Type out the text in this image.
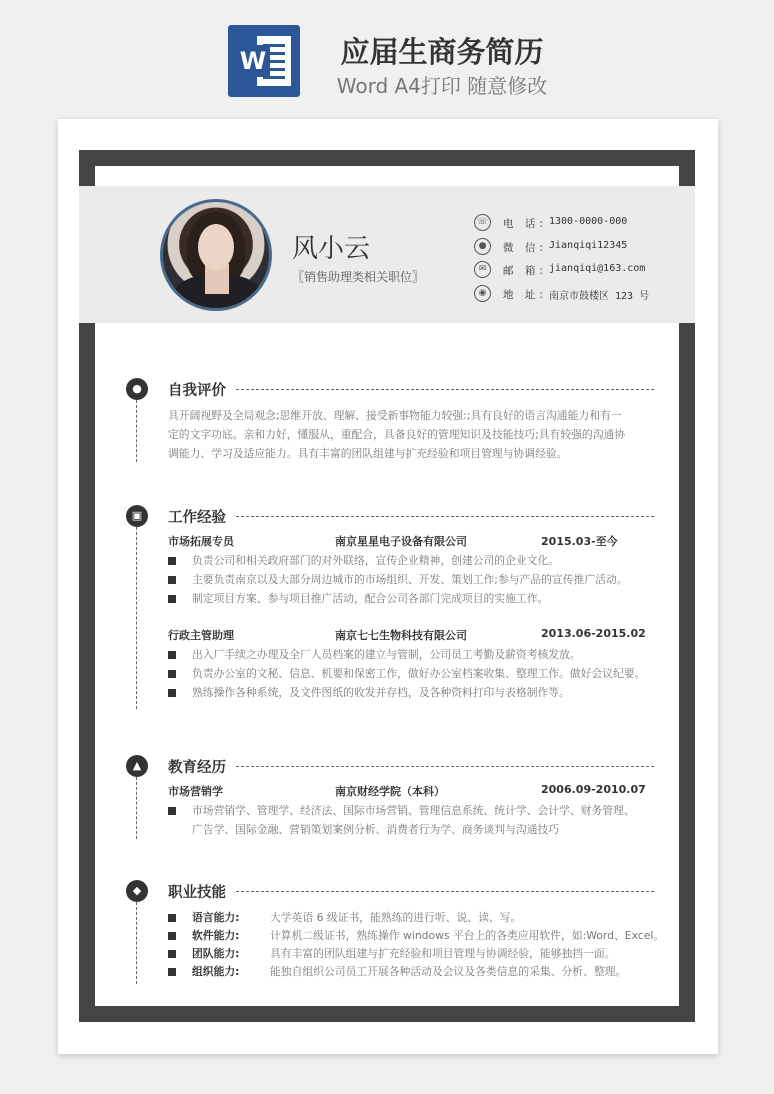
W	应届生商务简历
Word A4打印 随意修改
风小云
〖销售助理类相关职位〗
☏ 电 话: 1300-0000-000
●	微 信: Jianqiqi12345
✉	邮 箱: jianqiqi@163.com
◉	地 址: 南京市鼓楼区 123 号
●	自我评价
具开阔视野及全局观念;思维开放、理解、接受新事物能力较强:;具有良好的语言沟通能力和有一
定的文字功底。亲和力好，懂服从，重配合，具备良好的管理知识及技能技巧;具有较强的沟通协
调能力、学习及适应能力。具有丰富的团队组建与扩充经验和项目管理与协调经验。
▣	工作经验
市场拓展专员	南京星星电子设备有限公司	2015.03-至今
负责公司和相关政府部门的对外联络，宣传企业精神，创建公司的企业文化。
主要负责南京以及大部分周边城市的市场组织、开发、策划工作;参与产品的宣传推广活动。
制定项目方案、参与项目推广活动，配合公司各部门完成项目的实施工作。
行政主管助理	南京七七生物科技有限公司	2013.06-2015.02
出入厂手续之办理及全厂人员档案的建立与管制，公司员工考勤及薪资考核发放。
负责办公室的文秘、信息、机要和保密工作，做好办公室档案收集、整理工作。做好会议纪要。
熟练操作各种系统，及文件图纸的收发并存档，及各种资料打印与表格制作等。
▲	教育经历
市场营销学	南京财经学院（本科）	2006.09-2010.07
市场营销学、管理学、经济法、国际市场营销、管理信息系统、统计学、会计学、财务管理、
广告学、国际金融、营销策划案例分析、消费者行为学、商务谈判与沟通技巧
◆	职业技能
语言能力:	大学英语 6 级证书，能熟练的进行听、说、读、写。
软件能力:	计算机二级证书，熟练操作 windows 平台上的各类应用软件，如:Word、Excel。
团队能力:	具有丰富的团队组建与扩充经验和项目管理与协调经验，能够独挡一面。
组织能力:	能独自组织公司员工开展各种活动及会议及各类信息的采集、分析、整理。
